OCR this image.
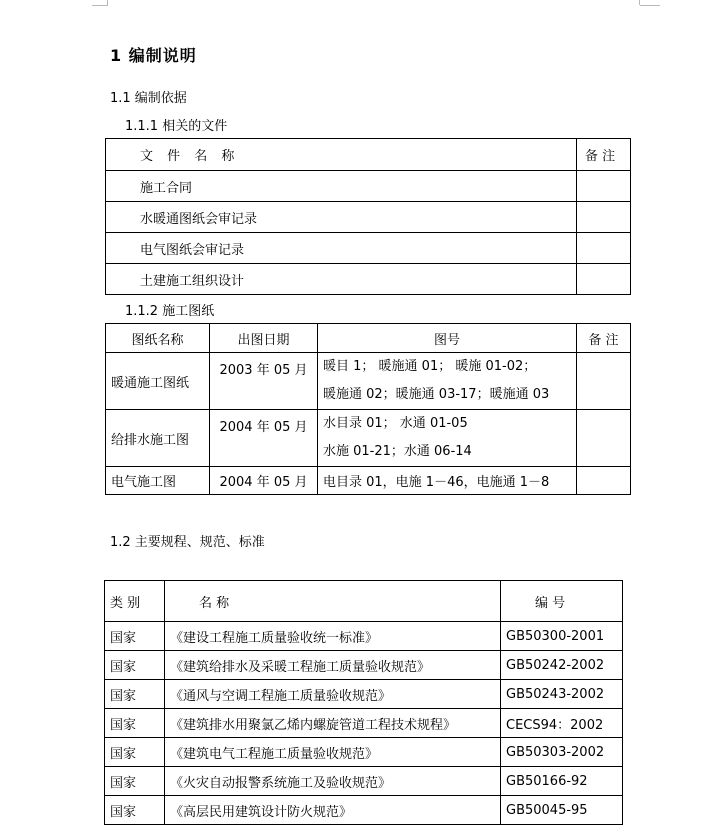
1 编制说明
1.1 编制依据
1.1.1 相关的文件
文 件 名 称	备 注
施工合同	
水暖通图纸会审记录	
电气图纸会审记录	
土建施工组织设计	
1.1.2 施工图纸
图纸名称	出图日期	图号	备 注
暖通施工图纸	2003 年 05 月	暖目 1； 暖施通 01； 暖施 01-02；
暖施通 02；暖施通 03-17；暖施通 03	

给排水施工图	2004 年 05 月	水目录 01； 水通 01-05
水施 01-21；水通 06-14	

电气施工图	2004 年 05 月	电目录 01，电施 1－46，电施通 1－8	
1.2 主要规程、规范、标准
类 别	名 称	编 号
国家	《建设工程施工质量验收统一标准》	GB50300-2001
国家	《建筑给排水及采暖工程施工质量验收规范》	GB50242-2002
国家	《通风与空调工程施工质量验收规范》	GB50243-2002
国家	《建筑排水用聚氯乙烯内螺旋管道工程技术规程》	CECS94：2002
国家	《建筑电气工程施工质量验收规范》	GB50303-2002
国家	《火灾自动报警系统施工及验收规范》	GB50166-92
国家	《高层民用建筑设计防火规范》	GB50045-95
